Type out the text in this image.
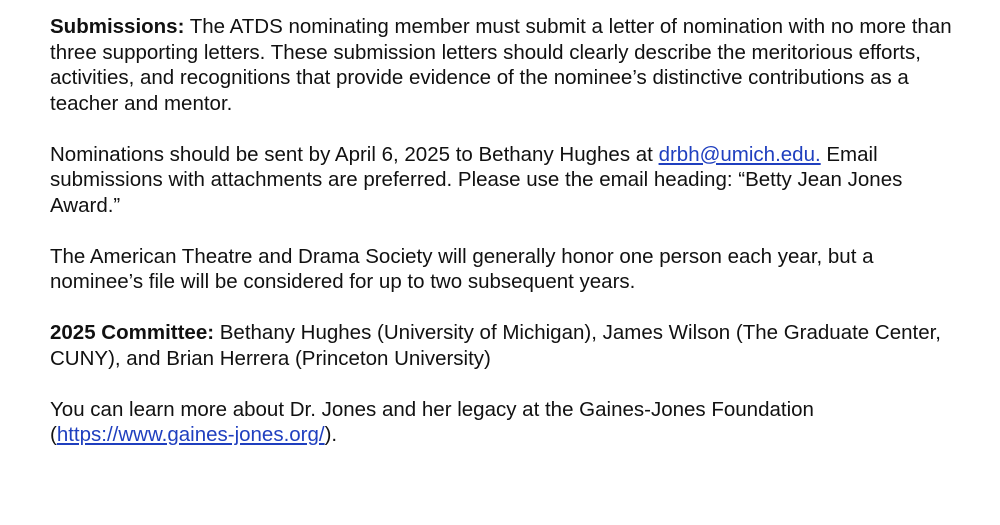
Submissions: The ATDS nominating member must submit a letter of nomination with no more than three supporting letters. These submission letters should clearly describe the meritorious efforts, activities, and recognitions that provide evidence of the nominee’s distinctive contributions as a teacher and mentor.

Nominations should be sent by April 6, 2025 to Bethany Hughes at drbh@umich.edu. Email submissions with attachments are preferred. Please use the email heading: “Betty Jean Jones Award.”

The American Theatre and Drama Society will generally honor one person each year, but a nominee’s file will be considered for up to two subsequent years.

2025 Committee: Bethany Hughes (University of Michigan), James Wilson (The Graduate Center, CUNY), and Brian Herrera (Princeton University)

You can learn more about Dr. Jones and her legacy at the Gaines-Jones Foundation (https://www.gaines-jones.org/).
